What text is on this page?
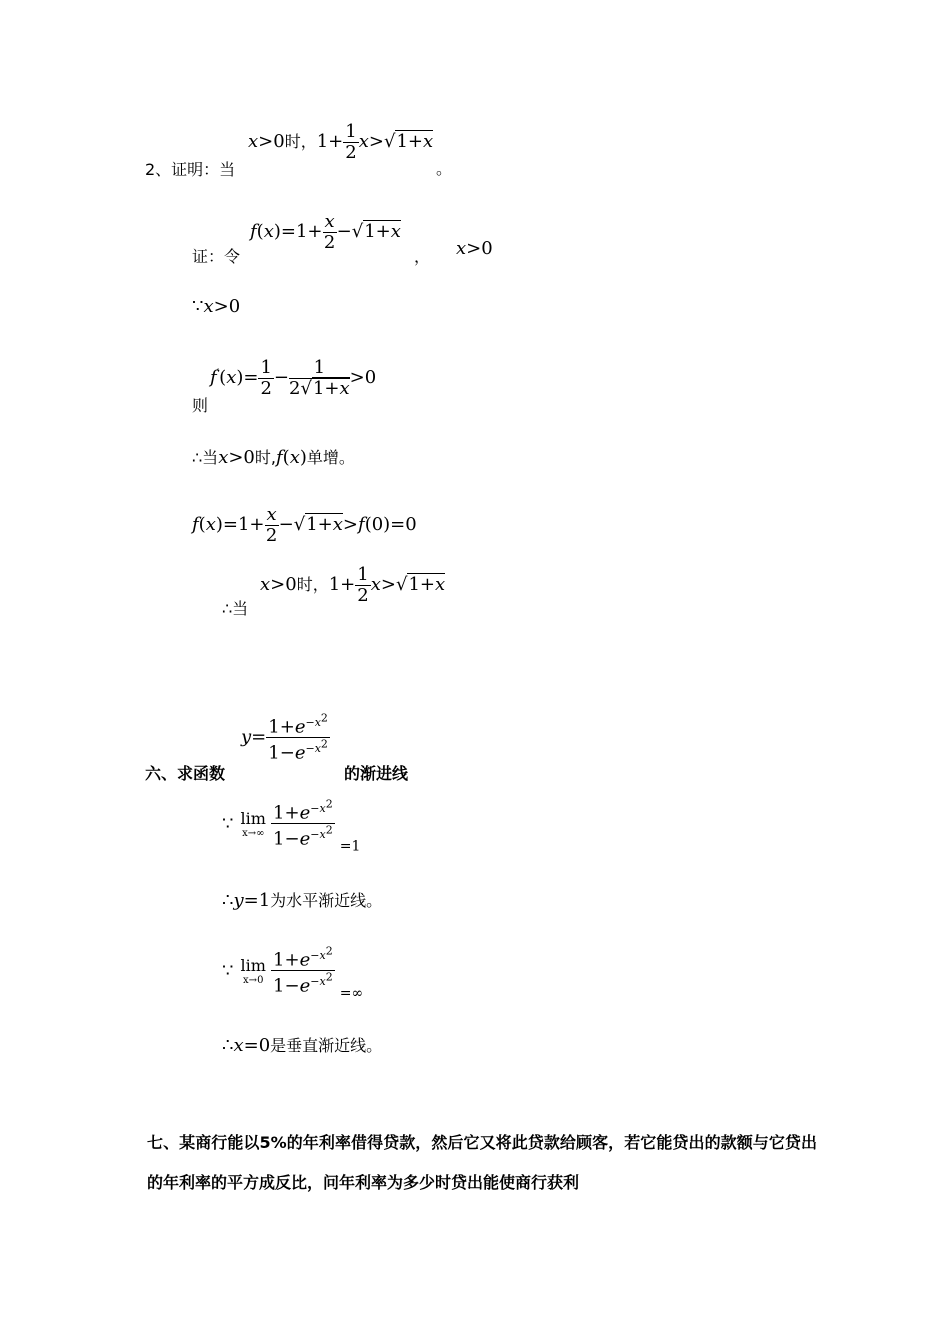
2、证明：当
x>0时，$1+ \frac{1}{2} x>√1+x$
。
证：令
$f(x)=1+ \frac{x}{2} -√1+x$
， x>0
∵x>0
则
$f'(x)= \frac{1}{2} - \frac{1}{2√1+x} >0$
∴当x>0时,f(x)单增。
$f(x)=1+ \frac{x}{2} -√1+x>f(0)=0$
∴当
x>0时，$1+ \frac{1}{2} x>√1+x$
六、求函数
$y= \frac{1+e^{-x^2}}{1-e^{-x^2}}$
的渐进线
∵ lim
x→∞
$\frac{1+e^{-x^2}}{1-e^{-x^2}} =1$
∴y=1为水平渐近线。
∵ lim
x→0
$\frac{1+e^{-x^2}}{1-e^{-x^2}}$ =∞
∴x=0是垂直渐近线。
七、某商行能以5%的年利率借得贷款，然后它又将此贷款给顾客，若它能贷出的款额与它贷出的年利率的平方成反比，问年利率为多少时贷出能使商行获利
